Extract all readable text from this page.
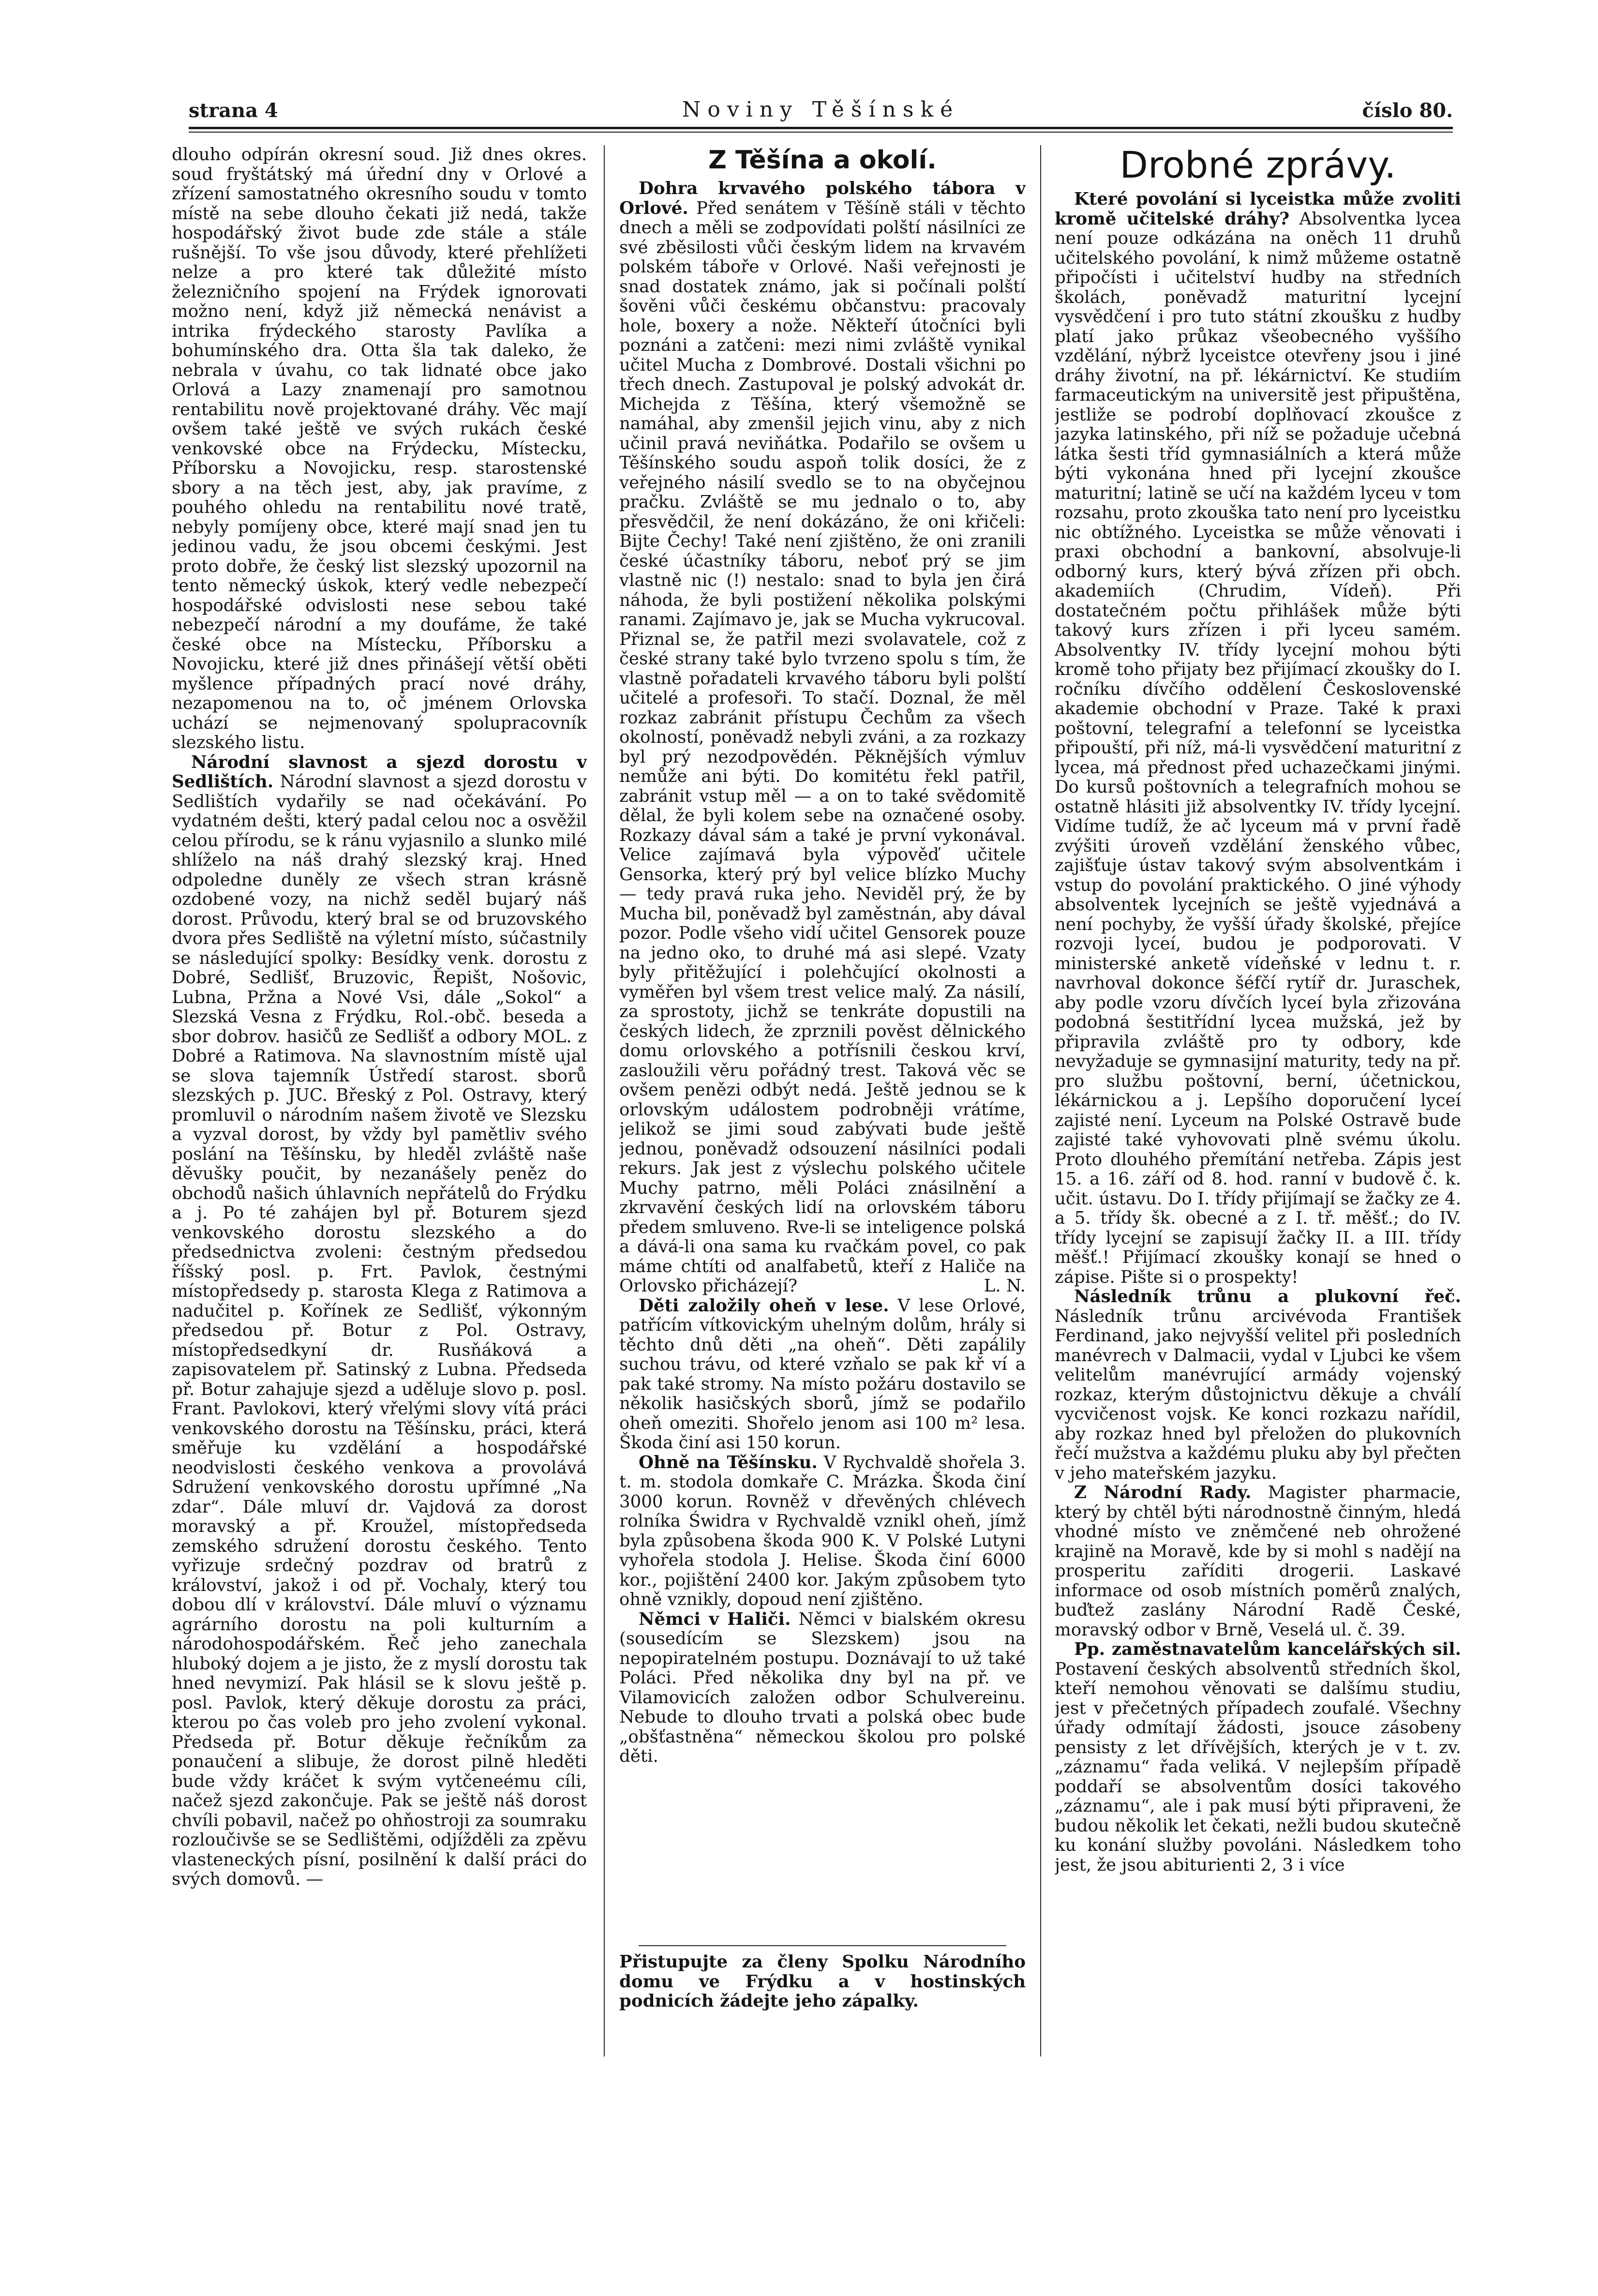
strana 4	Noviny Těšínské	číslo 80.

dlouho odpírán okresní soud. Již dnes okres. soud fryštátský má úřední dny v Orlové a zřízení samostatného okresního soudu v tomto místě na sebe dlouho čekati již nedá, takže hospodářský život bude zde stále a stále rušnější. To vše jsou důvody, které přehlížeti nelze a pro které tak důležité místo železničního spojení na Frýdek ignorovati možno není, když již německá nenávist a intrika frýdeckého starosty Pavlíka a bohumínského dra. Otta šla tak daleko, že nebrala v úvahu, co tak lidnaté obce jako Orlová a Lazy znamenají pro samotnou rentabilitu nově projektované dráhy. Věc mají ovšem také ještě ve svých rukách české venkovské obce na Frýdecku, Místecku, Příborsku a Novojicku, resp. starostenské sbory a na těch jest, aby, jak pravíme, z pouhého ohledu na rentabilitu nové tratě, nebyly pomíjeny obce, které mají snad jen tu jedinou vadu, že jsou obcemi českými. Jest proto dobře, že český list slezský upozornil na tento německý úskok, který vedle nebezpečí hospodářské odvislosti nese sebou také nebezpečí národní a my doufáme, že také české obce na Místecku, Příborsku a Novojicku, které již dnes přinášejí větší oběti myšlence případných prací nové dráhy, nezapomenou na to, oč jménem Orlovska uchází se nejmenovaný spolupracovník slezského listu.

Národní slavnost a sjezd dorostu v Sedlištích. Národní slavnost a sjezd dorostu v Sedlištích vydařily se nad očekávání. Po vydatném dešti, který padal celou noc a osvěžil celou přírodu, se k ránu vyjasnilo a slunko milé shlíželo na náš drahý slezský kraj. Hned odpoledne duněly ze všech stran krásně ozdobené vozy, na nichž seděl bujarý náš dorost. Průvodu, který bral se od bruzovského dvora přes Sedliště na výletní místo, súčastnily se následující spolky: Besídky venk. dorostu z Dobré, Sedlišť, Bruzovic, Řepišt, Nošovic, Lubna, Pržna a Nové Vsi, dále „Sokol“ a Slezská Vesna z Frýdku, Rol.-obč. beseda a sbor dobrov. hasičů ze Sedlišť a odbory MOL. z Dobré a Ratimova. Na slavnostním místě ujal se slova tajemník Ústředí starost. sborů slezských p. JUC. Břeský z Pol. Ostravy, který promluvil o národním našem životě ve Slezsku a vyzval dorost, by vždy byl pamětliv svého poslání na Těšínsku, by hleděl zvláště naše děvušky poučit, by nezanášely peněz do obchodů našich úhlavních nepřátelů do Frýdku a j. Po té zahájen byl př. Boturem sjezd venkovského dorostu slezského a do předsednictva zvoleni: čestným předsedou říšský posl. p. Frt. Pavlok, čestnými místopředsedy p. starosta Klega z Ratimova a nadučitel p. Kořínek ze Sedlišť, výkonným předsedou př. Botur z Pol. Ostravy, místopředsedkyní dr. Rusňáková a zapisovatelem př. Satinský z Lubna. Předseda př. Botur zahajuje sjezd a uděluje slovo p. posl. Frant. Pavlokovi, který vřelými slovy vítá práci venkovského dorostu na Těšínsku, práci, která směřuje ku vzdělání a hospodářské neodvislosti českého venkova a provolává Sdružení venkovského dorostu upřímné „Na zdar“. Dále mluví dr. Vajdová za dorost moravský a př. Kroužel, místopředseda zemského sdružení dorostu českého. Tento vyřizuje srdečný pozdrav od bratrů z království, jakož i od př. Vochaly, který tou dobou dlí v království. Dále mluví o významu agrárního dorostu na poli kulturním a národohospodářském. Řeč jeho zanechala hluboký dojem a je jisto, že z myslí dorostu tak hned nevymizí. Pak hlásil se k slovu ještě p. posl. Pavlok, který děkuje dorostu za práci, kterou po čas voleb pro jeho zvolení vykonal. Předseda př. Botur děkuje řečníkům za ponaučení a slibuje, že dorost pilně hleděti bude vždy kráčet k svým vytčeneému cíli, načež sjezd zakončuje. Pak se ještě náš dorost chvíli pobavil, načež po ohňostroji za soumraku rozloučivše se se Sedlištěmi, odjížděli za zpěvu vlasteneckých písní, posilnění k další práci do svých domovů. —

Z Těšína a okolí.

Dohra krvavého polského tábora v Orlové. Před senátem v Těšíně stáli v těchto dnech a měli se zodpovídati polští násilníci ze své zběsilosti vůči českým lidem na krvavém polském táboře v Orlové. Naši veřejnosti je snad dostatek známo, jak si počínali polští šověni vůči českému občanstvu: pracovaly hole, boxery a nože. Někteří útočníci byli poznáni a zatčeni: mezi nimi zvláště vynikal učitel Mucha z Dombrové. Dostali všichni po třech dnech. Zastupoval je polský advokát dr. Michejda z Těšína, který všemožně se namáhal, aby zmenšil jejich vinu, aby z nich učinil pravá neviňátka. Podařilo se ovšem u Těšínského soudu aspoň tolik dosíci, že z veřejného násilí svedlo se to na obyčejnou pračku. Zvláště se mu jednalo o to, aby přesvědčil, že není dokázáno, že oni křičeli: Bijte Čechy! Také není zjištěno, že oni zranili české účastníky táboru, neboť prý se jim vlastně nic (!) nestalo: snad to byla jen čirá náhoda, že byli postižení několika polskými ranami. Zajímavo je, jak se Mucha vykrucoval. Přiznal se, že patřil mezi svolavatele, což z české strany také bylo tvrzeno spolu s tím, že vlastně pořadateli krvavého táboru byli polští učitelé a profesoři. To stačí. Doznal, že měl rozkaz zabránit přístupu Čechům za všech okolností, poněvadž nebyli zváni, a za rozkazy byl prý nezodpovědén. Pěknějších výmluv nemůže ani býti. Do komitétu řekl patřil, zabránit vstup měl — a on to také svědomitě dělal, že byli kolem sebe na označené osoby. Rozkazy dával sám a také je první vykonával. Velice zajímavá byla výpověď učitele Gensorka, který prý byl velice blízko Muchy — tedy pravá ruka jeho. Neviděl prý, že by Mucha bil, poněvadž byl zaměstnán, aby dával pozor. Podle všeho vidí učitel Gensorek pouze na jedno oko, to druhé má asi slepé. Vzaty byly přitěžující i polehčující okolnosti a vyměřen byl všem trest velice malý. Za násilí, za sprostoty, jichž se tenkráte dopustili na českých lidech, že zprznili pověst dělnického domu orlovského a potřísnili českou krví, zasloužili věru pořádný trest. Taková věc se ovšem penězi odbýt nedá. Ještě jednou se k orlovským událostem podrobněji vrátíme, jelikož se jimi soud zabývati bude ještě jednou, poněvadž odsouzení násilníci podali rekurs. Jak jest z výslechu polského učitele Muchy patrno, měli Poláci znásilnění a zkrvavění českých lidí na orlovském táboru předem smluveno. Rve-li se inteligence polská a dává-li ona sama ku rvačkám povel, co pak máme chtíti od analfabetů, kteří z Haliče na Orlovsko přicházejí?	L. N.

Děti založily oheň v lese. V lese Orlové, patřícím vítkovickým uhelným dolům, hrály si těchto dnů děti „na oheň“. Děti zapálily suchou trávu, od které vzňalo se pak kř ví a pak také stromy. Na místo požáru dostavilo se několik hasičských sborů, jímž se podařilo oheň omeziti. Shořelo jenom asi 100 m² lesa. Škoda činí asi 150 korun.

Ohně na Těšínsku. V Rychvaldě shořela 3. t. m. stodola domkaře C. Mrázka. Škoda činí 3000 korun. Rovněž v dřevěných chlévech rolníka Świdra v Rychvaldě vznikl oheň, jímž byla způsobena škoda 900 K. V Polské Lutyni vyhořela stodola J. Helise. Škoda činí 6000 kor., pojištění 2400 kor. Jakým způsobem tyto ohně vznikly, dopoud není zjištěno.

Němci v Haliči. Němci v bialském okresu (sousedícím se Slezskem) jsou na nepopiratelném postupu. Doznávají to už také Poláci. Před několika dny byl na př. ve Vilamovicích založen odbor Schulvereinu. Nebude to dlouho trvati a polská obec bude „obšťastněna“ německou školou pro polské děti.

Přistupujte za členy Spolku Národního domu ve Frýdku a v hostinských podnicích žádejte jeho zápalky.
Drobné zprávy.

Které povolání si lyceistka může zvoliti kromě učitelské dráhy? Absolventka lycea není pouze odkázána na oněch 11 druhů učitelského povolání, k nimž můžeme ostatně připočísti i učitelství hudby na středních školách, poněvadž maturitní lycejní vysvědčení i pro tuto státní zkoušku z hudby platí jako průkaz všeobecného vyššího vzdělání, nýbrž lyceistce otevřeny jsou i jiné dráhy životní, na př. lékárnictví. Ke studiím farmaceutickým na universitě jest připuštěna, jestliže se podrobí doplňovací zkoušce z jazyka latinského, při níž se požaduje učebná látka šesti tříd gymnasiálních a která může býti vykonána hned při lycejní zkoušce maturitní; latině se učí na každém lyceu v tom rozsahu, proto zkouška tato není pro lyceistku nic obtížného. Lyceistka se může věnovati i praxi obchodní a bankovní, absolvuje-li odborný kurs, který bývá zřízen při obch. akademiích (Chrudim, Vídeň). Při dostatečném počtu přihlášek může býti takový kurs zřízen i při lyceu samém. Absolventky IV. třídy lycejní mohou býti kromě toho přijaty bez přijímací zkoušky do I. ročníku dívčího oddělení Československé akademie obchodní v Praze. Také k praxi poštovní, telegrafní a telefonní se lyceistka připouští, při níž, má-li vysvědčení maturitní z lycea, má přednost před uchazečkami jinými. Do kursů poštovních a telegrafních mohou se ostatně hlásiti již absolventky IV. třídy lycejní. Vidíme tudíž, že ač lyceum má v první řadě zvýšiti úroveň vzdělání ženského vůbec, zajišťuje ústav takový svým absolventkám i vstup do povolání praktického. O jiné výhody absolventek lycejních se ještě vyjednává a není pochyby, že vyšší úřady školské, přejíce rozvoji lyceí, budou je podporovati. V ministerské anketě vídeňské v lednu t. r. navrhoval dokonce šéfčí rytíř dr. Juraschek, aby podle vzoru dívčích lyceí byla zřizována podobná šestitřídní lycea mužská, jež by připravila zvláště pro ty odbory, kde nevyžaduje se gymnasijní maturity, tedy na př. pro službu poštovní, berní, účetnickou, lékárnickou a j. Lepšího doporučení lyceí zajisté není. Lyceum na Polské Ostravě bude zajisté také vyhovovati plně svému úkolu. Proto dlouhého přemítání netřeba. Zápis jest 15. a 16. září od 8. hod. ranní v budově č. k. učit. ústavu. Do I. třídy přijímají se žačky ze 4. a 5. třídy šk. obecné a z I. tř. měšť.; do IV. třídy lycejní se zapisují žačky II. a III. třídy měšť.! Přijímací zkoušky konají se hned o zápise. Pište si o prospekty!

Následník trůnu a plukovní řeč. Následník trůnu arcivévoda František Ferdinand, jako nejvyšší velitel při posledních manévrech v Dalmacii, vydal v Ljubci ke všem velitelům manévrující armády vojenský rozkaz, kterým důstojnictvu děkuje a chválí vycvičenost vojsk. Ke konci rozkazu nařídil, aby rozkaz hned byl přeložen do plukovních řečí mužstva a každému pluku aby byl přečten v jeho mateřském jazyku.

Z Národní Rady. Magister pharmacie, který by chtěl býti národnostně činným, hledá vhodné místo ve zněmčené neb ohrožené krajině na Moravě, kde by si mohl s nadějí na prosperitu zaříditi drogerii. Laskavé informace od osob místních poměrů znalých, buďtež zaslány Národní Radě České, moravský odbor v Brně, Veselá ul. č. 39.

Pp. zaměstnavatelům kancelářských sil. Postavení českých absolventů středních škol, kteří nemohou věnovati se dalšímu studiu, jest v přečetných případech zoufalé. Všechny úřady odmítají žádosti, jsouce zásobeny pensisty z let dřívějších, kterých je v t. zv. „záznamu“ řada veliká. V nejlepším případě poddaří se absolventům dosíci takového „záznamu“, ale i pak musí býti připraveni, že budou několik let čekati, nežli budou skutečně ku konání služby povoláni. Následkem toho jest, že jsou abiturienti 2, 3 i více
